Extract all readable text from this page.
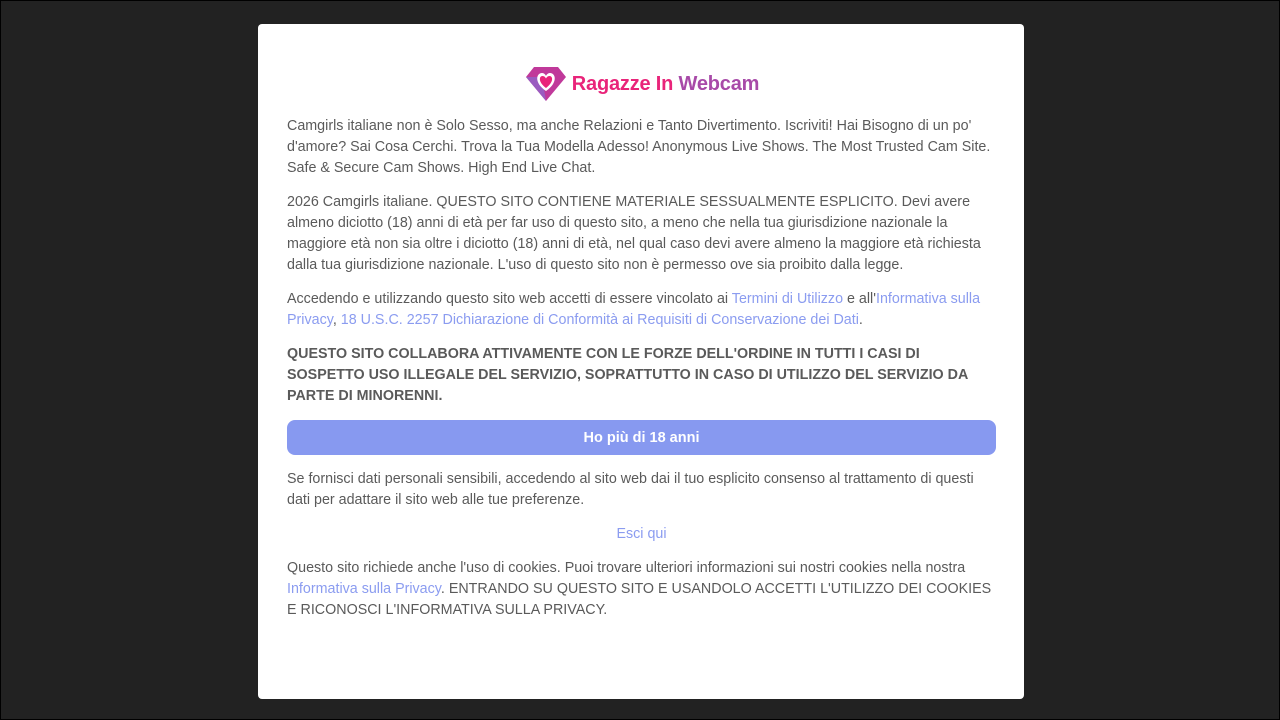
Ragazze In Webcam

Camgirls italiane non è Solo Sesso, ma anche Relazioni e Tanto Divertimento. Iscriviti! Hai Bisogno di un po' d'amore? Sai Cosa Cerchi. Trova la Tua Modella Adesso! Anonymous Live Shows. The Most Trusted Cam Site. Safe & Secure Cam Shows. High End Live Chat.

2026 Camgirls italiane. QUESTO SITO CONTIENE MATERIALE SESSUALMENTE ESPLICITO. Devi avere almeno diciotto (18) anni di età per far uso di questo sito, a meno che nella tua giurisdizione nazionale la maggiore età non sia oltre i diciotto (18) anni di età, nel qual caso devi avere almeno la maggiore età richiesta dalla tua giurisdizione nazionale. L'uso di questo sito non è permesso ove sia proibito dalla legge.

Accedendo e utilizzando questo sito web accetti di essere vincolato ai Termini di Utilizzo e all'Informativa sulla Privacy, 18 U.S.C. 2257 Dichiarazione di Conformità ai Requisiti di Conservazione dei Dati.

QUESTO SITO COLLABORA ATTIVAMENTE CON LE FORZE DELL'ORDINE IN TUTTI I CASI DI SOSPETTO USO ILLEGALE DEL SERVIZIO, SOPRATTUTTO IN CASO DI UTILIZZO DEL SERVIZIO DA PARTE DI MINORENNI.

Ho più di 18 anni

Se fornisci dati personali sensibili, accedendo al sito web dai il tuo esplicito consenso al trattamento di questi dati per adattare il sito web alle tue preferenze.

Esci qui

Questo sito richiede anche l'uso di cookies. Puoi trovare ulteriori informazioni sui nostri cookies nella nostra Informativa sulla Privacy. ENTRANDO SU QUESTO SITO E USANDOLO ACCETTI L'UTILIZZO DEI COOKIES E RICONOSCI L'INFORMATIVA SULLA PRIVACY.
